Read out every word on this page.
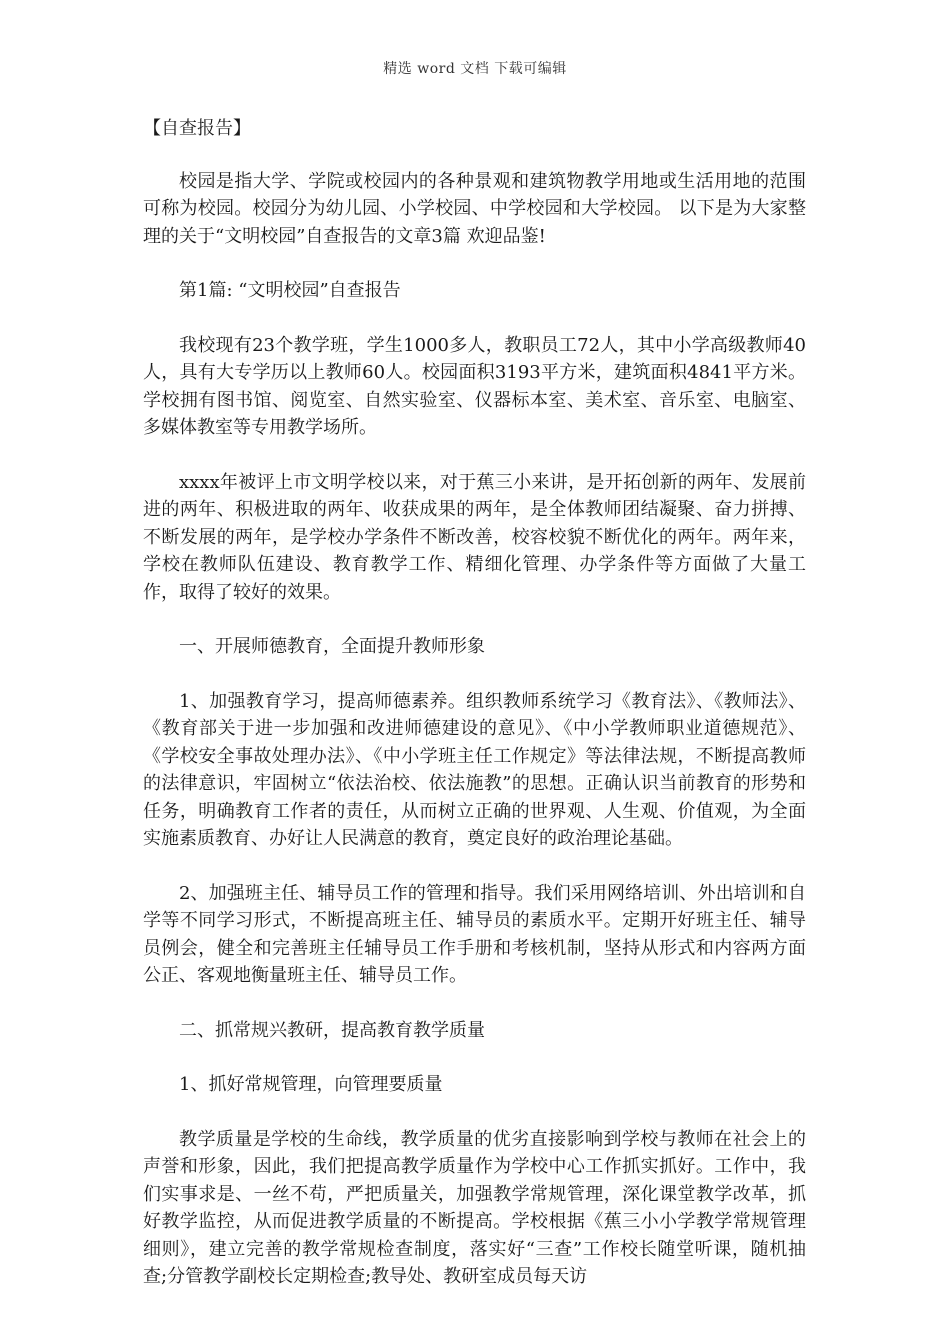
精选 word 文档 下载可编辑

【自查报告】

校园是指大学、学院或校园内的各种景观和建筑物教学用地或生活用地的范围可称为校园。校园分为幼儿园、小学校园、中学校园和大学校园。 以下是为大家整理的关于“文明校园”自查报告的文章3篇 欢迎品鉴!

第1篇: “文明校园”自查报告

我校现有23个教学班，学生1000多人，教职员工72人，其中小学高级教师40人，具有大专学历以上教师60人。校园面积3193平方米，建筑面积4841平方米。学校拥有图书馆、阅览室、自然实验室、仪器标本室、美术室、音乐室、电脑室、多媒体教室等专用教学场所。

xxxx年被评上市文明学校以来，对于蕉三小来讲，是开拓创新的两年、发展前进的两年、积极进取的两年、收获成果的两年，是全体教师团结凝聚、奋力拼搏、不断发展的两年，是学校办学条件不断改善，校容校貌不断优化的两年。两年来，学校在教师队伍建设、教育教学工作、精细化管理、办学条件等方面做了大量工作，取得了较好的效果。

一、开展师德教育，全面提升教师形象

1、加强教育学习，提高师德素养。组织教师系统学习《教育法》、《教师法》、《教育部关于进一步加强和改进师德建设的意见》、《中小学教师职业道德规范》、《学校安全事故处理办法》、《中小学班主任工作规定》等法律法规，不断提高教师的法律意识，牢固树立“依法治校、依法施教”的思想。正确认识当前教育的形势和任务，明确教育工作者的责任，从而树立正确的世界观、人生观、价值观，为全面实施素质教育、办好让人民满意的教育，奠定良好的政治理论基础。

2、加强班主任、辅导员工作的管理和指导。我们采用网络培训、外出培训和自学等不同学习形式，不断提高班主任、辅导员的素质水平。定期开好班主任、辅导员例会，健全和完善班主任辅导员工作手册和考核机制，坚持从形式和内容两方面公正、客观地衡量班主任、辅导员工作。

二、抓常规兴教研，提高教育教学质量

1、抓好常规管理，向管理要质量

教学质量是学校的生命线，教学质量的优劣直接影响到学校与教师在社会上的声誉和形象，因此，我们把提高教学质量作为学校中心工作抓实抓好。工作中，我们实事求是、一丝不苟，严把质量关，加强教学常规管理，深化课堂教学改革，抓好教学监控，从而促进教学质量的不断提高。学校根据《蕉三小小学教学常规管理细则》，建立完善的教学常规检查制度，落实好“三查”工作校长随堂听课，随机抽查;分管教学副校长定期检查;教导处、教研室成员每天访
